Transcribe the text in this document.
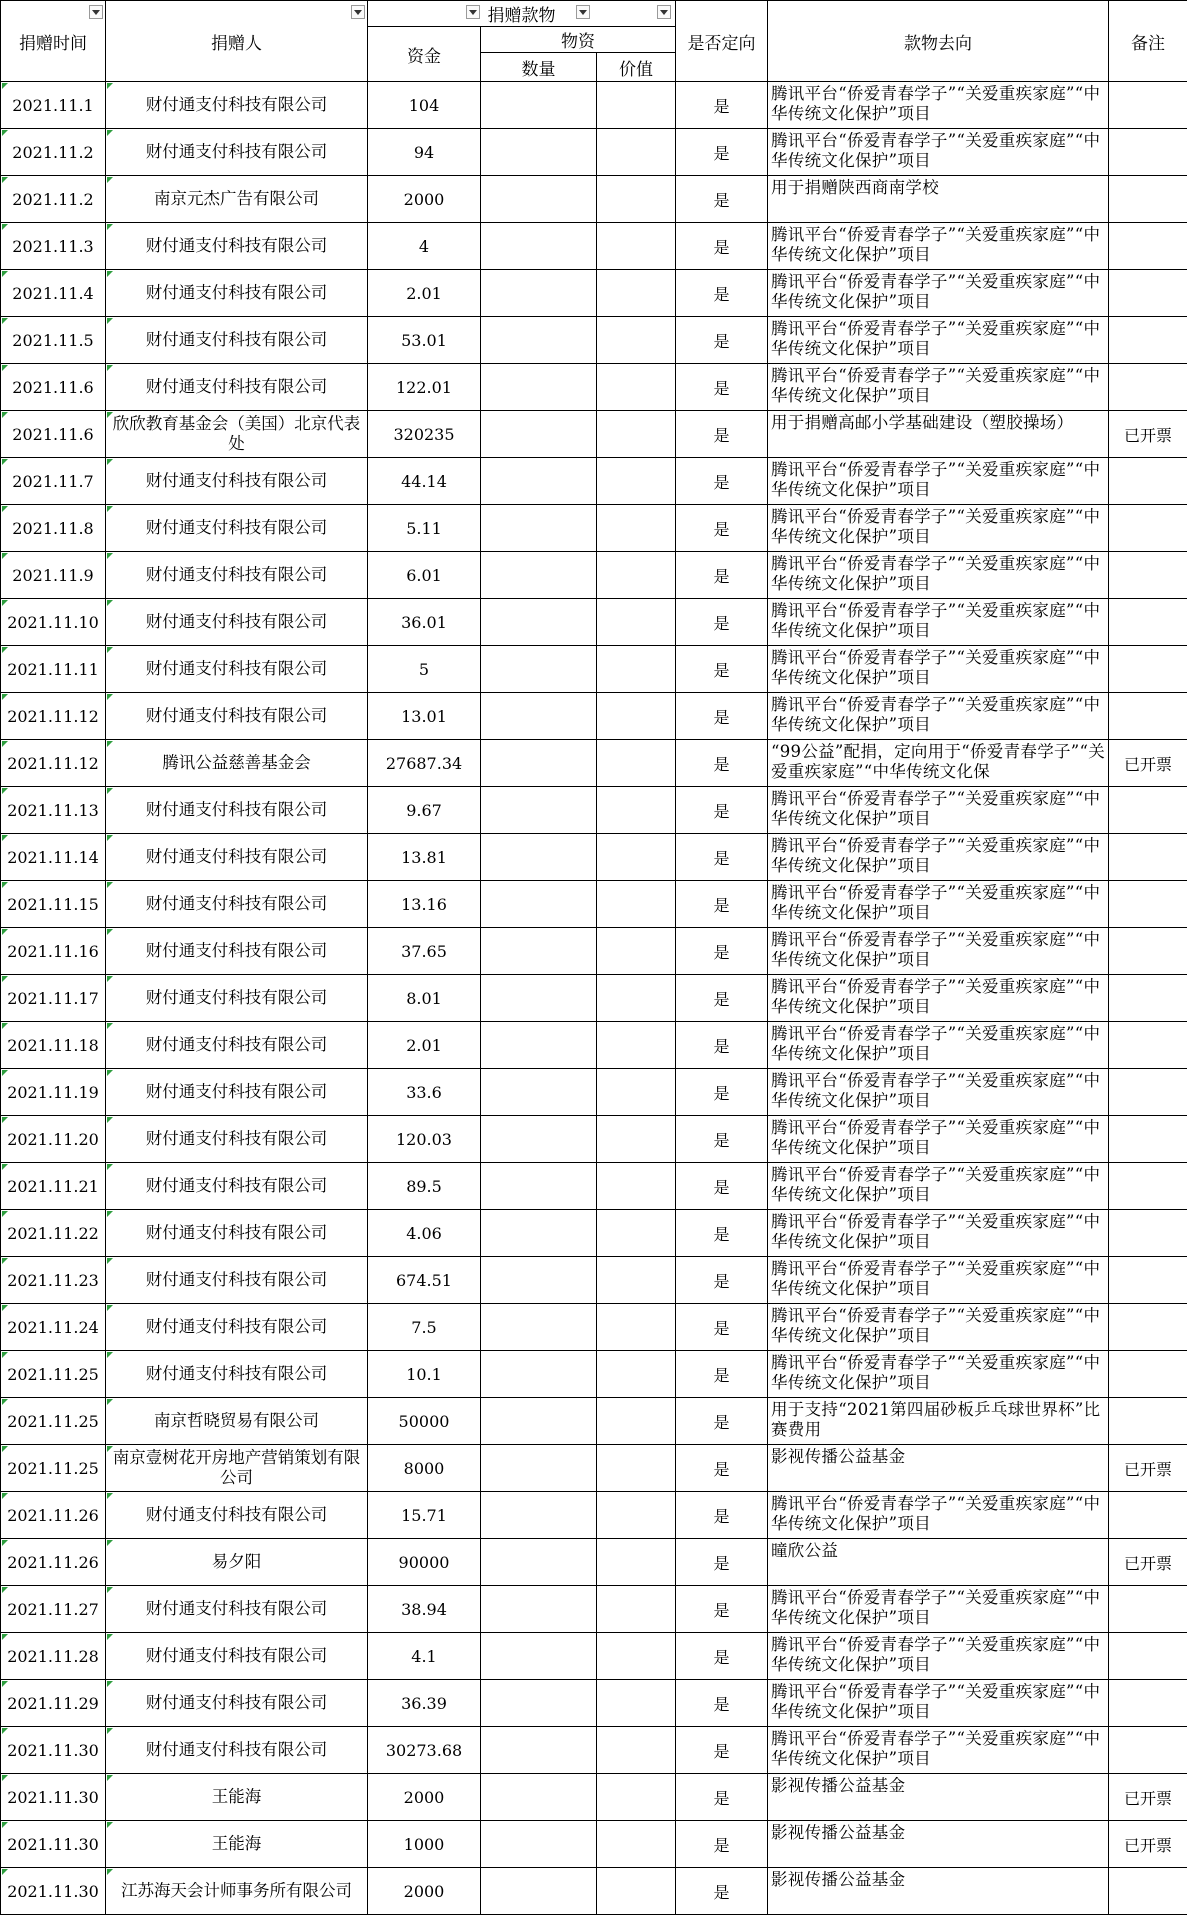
捐赠时间	捐赠人	捐赠款物			是否定向	款物去向	备注
		资金	物资				
			数量	价值			

2021.11.1	财付通支付科技有限公司	104			是	腾讯平台“侨爱青春学子”“关爱重疾家庭”“中华传统文化保护”项目	

2021.11.2	财付通支付科技有限公司	94			是	腾讯平台“侨爱青春学子”“关爱重疾家庭”“中华传统文化保护”项目	

2021.11.2	南京元杰广告有限公司	2000			是	用于捐赠陕西商南学校	

2021.11.3	财付通支付科技有限公司	4			是	腾讯平台“侨爱青春学子”“关爱重疾家庭”“中华传统文化保护”项目	

2021.11.4	财付通支付科技有限公司	2.01			是	腾讯平台“侨爱青春学子”“关爱重疾家庭”“中华传统文化保护”项目	

2021.11.5	财付通支付科技有限公司	53.01			是	腾讯平台“侨爱青春学子”“关爱重疾家庭”“中华传统文化保护”项目	

2021.11.6	财付通支付科技有限公司	122.01			是	腾讯平台“侨爱青春学子”“关爱重疾家庭”“中华传统文化保护”项目	

2021.11.6	欣欣教育基金会（美国）北京代表处	320235			是	用于捐赠高邮小学基础建设（塑胶操场）	已开票

2021.11.7	财付通支付科技有限公司	44.14			是	腾讯平台“侨爱青春学子”“关爱重疾家庭”“中华传统文化保护”项目	

2021.11.8	财付通支付科技有限公司	5.11			是	腾讯平台“侨爱青春学子”“关爱重疾家庭”“中华传统文化保护”项目	

2021.11.9	财付通支付科技有限公司	6.01			是	腾讯平台“侨爱青春学子”“关爱重疾家庭”“中华传统文化保护”项目	

2021.11.10	财付通支付科技有限公司	36.01			是	腾讯平台“侨爱青春学子”“关爱重疾家庭”“中华传统文化保护”项目	

2021.11.11	财付通支付科技有限公司	5			是	腾讯平台“侨爱青春学子”“关爱重疾家庭”“中华传统文化保护”项目	

2021.11.12	财付通支付科技有限公司	13.01			是	腾讯平台“侨爱青春学子”“关爱重疾家庭”“中华传统文化保护”项目	

2021.11.12	腾讯公益慈善基金会	27687.34			是	“99公益”配捐，定向用于“侨爱青春学子”“关爱重疾家庭”“中华传统文化保	已开票

2021.11.13	财付通支付科技有限公司	9.67			是	腾讯平台“侨爱青春学子”“关爱重疾家庭”“中华传统文化保护”项目	

2021.11.14	财付通支付科技有限公司	13.81			是	腾讯平台“侨爱青春学子”“关爱重疾家庭”“中华传统文化保护”项目	

2021.11.15	财付通支付科技有限公司	13.16			是	腾讯平台“侨爱青春学子”“关爱重疾家庭”“中华传统文化保护”项目	

2021.11.16	财付通支付科技有限公司	37.65			是	腾讯平台“侨爱青春学子”“关爱重疾家庭”“中华传统文化保护”项目	

2021.11.17	财付通支付科技有限公司	8.01			是	腾讯平台“侨爱青春学子”“关爱重疾家庭”“中华传统文化保护”项目	

2021.11.18	财付通支付科技有限公司	2.01			是	腾讯平台“侨爱青春学子”“关爱重疾家庭”“中华传统文化保护”项目	

2021.11.19	财付通支付科技有限公司	33.6			是	腾讯平台“侨爱青春学子”“关爱重疾家庭”“中华传统文化保护”项目	

2021.11.20	财付通支付科技有限公司	120.03			是	腾讯平台“侨爱青春学子”“关爱重疾家庭”“中华传统文化保护”项目	

2021.11.21	财付通支付科技有限公司	89.5			是	腾讯平台“侨爱青春学子”“关爱重疾家庭”“中华传统文化保护”项目	

2021.11.22	财付通支付科技有限公司	4.06			是	腾讯平台“侨爱青春学子”“关爱重疾家庭”“中华传统文化保护”项目	

2021.11.23	财付通支付科技有限公司	674.51			是	腾讯平台“侨爱青春学子”“关爱重疾家庭”“中华传统文化保护”项目	

2021.11.24	财付通支付科技有限公司	7.5			是	腾讯平台“侨爱青春学子”“关爱重疾家庭”“中华传统文化保护”项目	

2021.11.25	财付通支付科技有限公司	10.1			是	腾讯平台“侨爱青春学子”“关爱重疾家庭”“中华传统文化保护”项目	

2021.11.25	南京哲晓贸易有限公司	50000			是	用于支持“2021第四届砂板乒乓球世界杯”比赛费用	

2021.11.25	南京壹树花开房地产营销策划有限公司	8000			是	影视传播公益基金	已开票

2021.11.26	财付通支付科技有限公司	15.71			是	腾讯平台“侨爱青春学子”“关爱重疾家庭”“中华传统文化保护”项目	

2021.11.26	易夕阳	90000			是	曈欣公益	已开票

2021.11.27	财付通支付科技有限公司	38.94			是	腾讯平台“侨爱青春学子”“关爱重疾家庭”“中华传统文化保护”项目	

2021.11.28	财付通支付科技有限公司	4.1			是	腾讯平台“侨爱青春学子”“关爱重疾家庭”“中华传统文化保护”项目	

2021.11.29	财付通支付科技有限公司	36.39			是	腾讯平台“侨爱青春学子”“关爱重疾家庭”“中华传统文化保护”项目	

2021.11.30	财付通支付科技有限公司	30273.68			是	腾讯平台“侨爱青春学子”“关爱重疾家庭”“中华传统文化保护”项目	

2021.11.30	王能海	2000			是	影视传播公益基金	已开票

2021.11.30	王能海	1000			是	影视传播公益基金	已开票

2021.11.30	江苏海天会计师事务所有限公司	2000			是	影视传播公益基金	
